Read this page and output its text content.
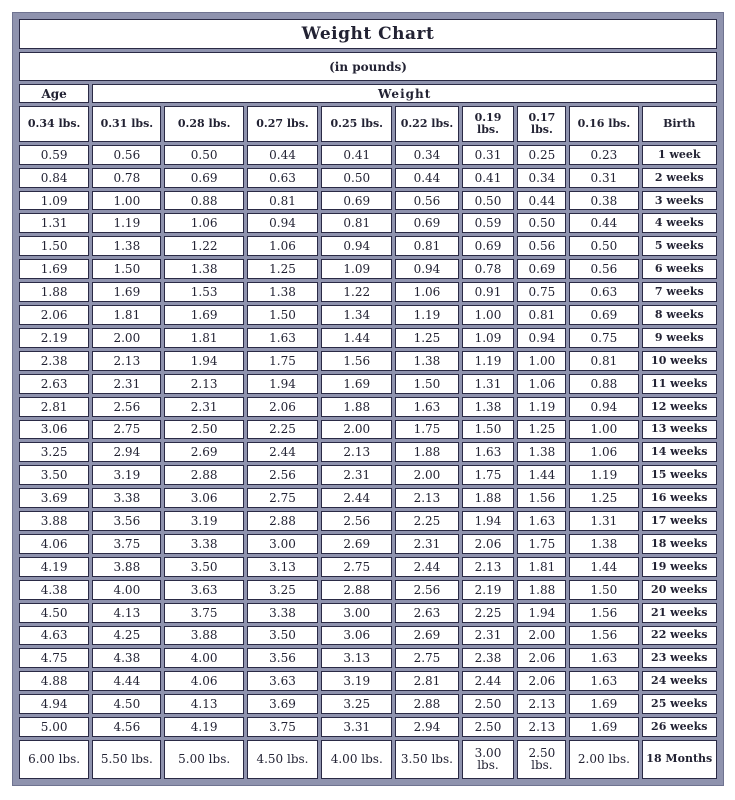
Weight Chart									
(in pounds)									
Age	Weight								
0.34 lbs.	0.31 lbs.	0.28 lbs.	0.27 lbs.	0.25 lbs.	0.22 lbs.	0.19 lbs.	0.17 lbs.	0.16 lbs.	Birth
0.59	0.56	0.50	0.44	0.41	0.34	0.31	0.25	0.23	1 week
0.84	0.78	0.69	0.63	0.50	0.44	0.41	0.34	0.31	2 weeks
1.09	1.00	0.88	0.81	0.69	0.56	0.50	0.44	0.38	3 weeks
1.31	1.19	1.06	0.94	0.81	0.69	0.59	0.50	0.44	4 weeks
1.50	1.38	1.22	1.06	0.94	0.81	0.69	0.56	0.50	5 weeks
1.69	1.50	1.38	1.25	1.09	0.94	0.78	0.69	0.56	6 weeks
1.88	1.69	1.53	1.38	1.22	1.06	0.91	0.75	0.63	7 weeks
2.06	1.81	1.69	1.50	1.34	1.19	1.00	0.81	0.69	8 weeks
2.19	2.00	1.81	1.63	1.44	1.25	1.09	0.94	0.75	9 weeks
2.38	2.13	1.94	1.75	1.56	1.38	1.19	1.00	0.81	10 weeks
2.63	2.31	2.13	1.94	1.69	1.50	1.31	1.06	0.88	11 weeks
2.81	2.56	2.31	2.06	1.88	1.63	1.38	1.19	0.94	12 weeks
3.06	2.75	2.50	2.25	2.00	1.75	1.50	1.25	1.00	13 weeks
3.25	2.94	2.69	2.44	2.13	1.88	1.63	1.38	1.06	14 weeks
3.50	3.19	2.88	2.56	2.31	2.00	1.75	1.44	1.19	15 weeks
3.69	3.38	3.06	2.75	2.44	2.13	1.88	1.56	1.25	16 weeks
3.88	3.56	3.19	2.88	2.56	2.25	1.94	1.63	1.31	17 weeks
4.06	3.75	3.38	3.00	2.69	2.31	2.06	1.75	1.38	18 weeks
4.19	3.88	3.50	3.13	2.75	2.44	2.13	1.81	1.44	19 weeks
4.38	4.00	3.63	3.25	2.88	2.56	2.19	1.88	1.50	20 weeks
4.50	4.13	3.75	3.38	3.00	2.63	2.25	1.94	1.56	21 weeks
4.63	4.25	3.88	3.50	3.06	2.69	2.31	2.00	1.56	22 weeks
4.75	4.38	4.00	3.56	3.13	2.75	2.38	2.06	1.63	23 weeks
4.88	4.44	4.06	3.63	3.19	2.81	2.44	2.06	1.63	24 weeks
4.94	4.50	4.13	3.69	3.25	2.88	2.50	2.13	1.69	25 weeks
5.00	4.56	4.19	3.75	3.31	2.94	2.50	2.13	1.69	26 weeks
6.00 lbs.	5.50 lbs.	5.00 lbs.	4.50 lbs.	4.00 lbs.	3.50 lbs.	3.00 lbs.	2.50 lbs.	2.00 lbs.	18 Months
